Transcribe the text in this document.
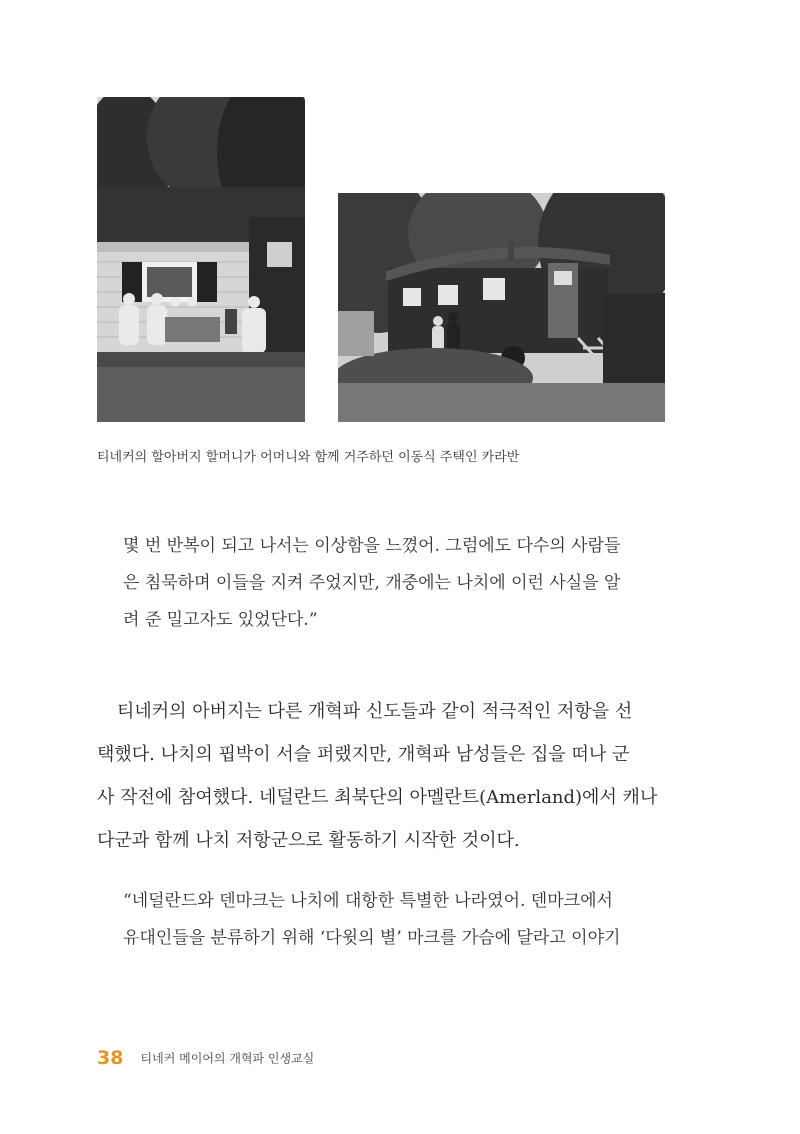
티네커의 할아버지 할머니가 어머니와 함께 거주하던 이동식 주택인 카라반

몇 번 반복이 되고 나서는 이상함을 느꼈어. 그럼에도 다수의 사람들

은 침묵하며 이들을 지켜 주었지만, 개중에는 나치에 이런 사실을 알

려 준 밀고자도 있었단다.”

티네커의 아버지는 다른 개혁파 신도들과 같이 적극적인 저항을 선

택했다. 나치의 핍박이 서슬 퍼랬지만, 개혁파 남성들은 집을 떠나 군

사 작전에 참여했다. 네덜란드 최북단의 아멜란트(Amerland)에서 캐나

다군과 함께 나치 저항군으로 활동하기 시작한 것이다.

“네덜란드와 덴마크는 나치에 대항한 특별한 나라였어. 덴마크에서

유대인들을 분류하기 위해 ‘다윗의 별’ 마크를 가슴에 달라고 이야기

38 티네커 메이어의 개혁파 인생교실
